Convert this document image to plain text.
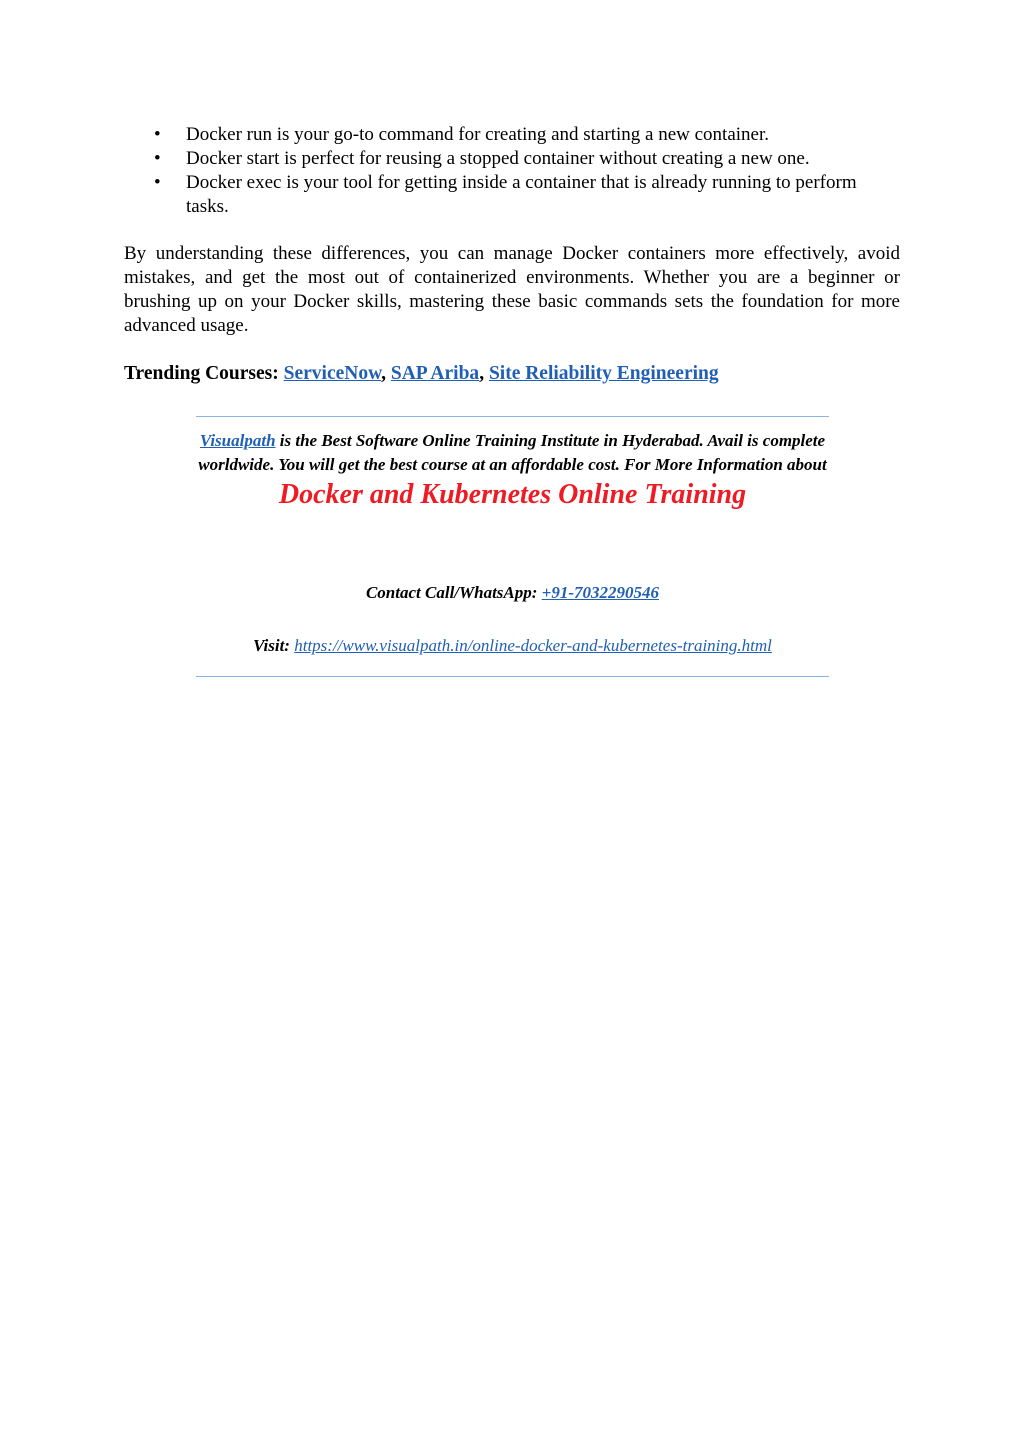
• Docker run is your go-to command for creating and starting a new container.
• Docker start is perfect for reusing a stopped container without creating a new one.
• Docker exec is your tool for getting inside a container that is already running to perform tasks.

By understanding these differences, you can manage Docker containers more effectively, avoid mistakes, and get the most out of containerized environments. Whether you are a beginner or brushing up on your Docker skills, mastering these basic commands sets the foundation for more advanced usage.

Trending Courses: ServiceNow, SAP Ariba, Site Reliability Engineering

Visualpath is the Best Software Online Training Institute in Hyderabad. Avail is complete worldwide. You will get the best course at an affordable cost. For More Information about Docker and Kubernetes Online Training

Contact Call/WhatsApp: +91-7032290546

Visit: https://www.visualpath.in/online-docker-and-kubernetes-training.html
